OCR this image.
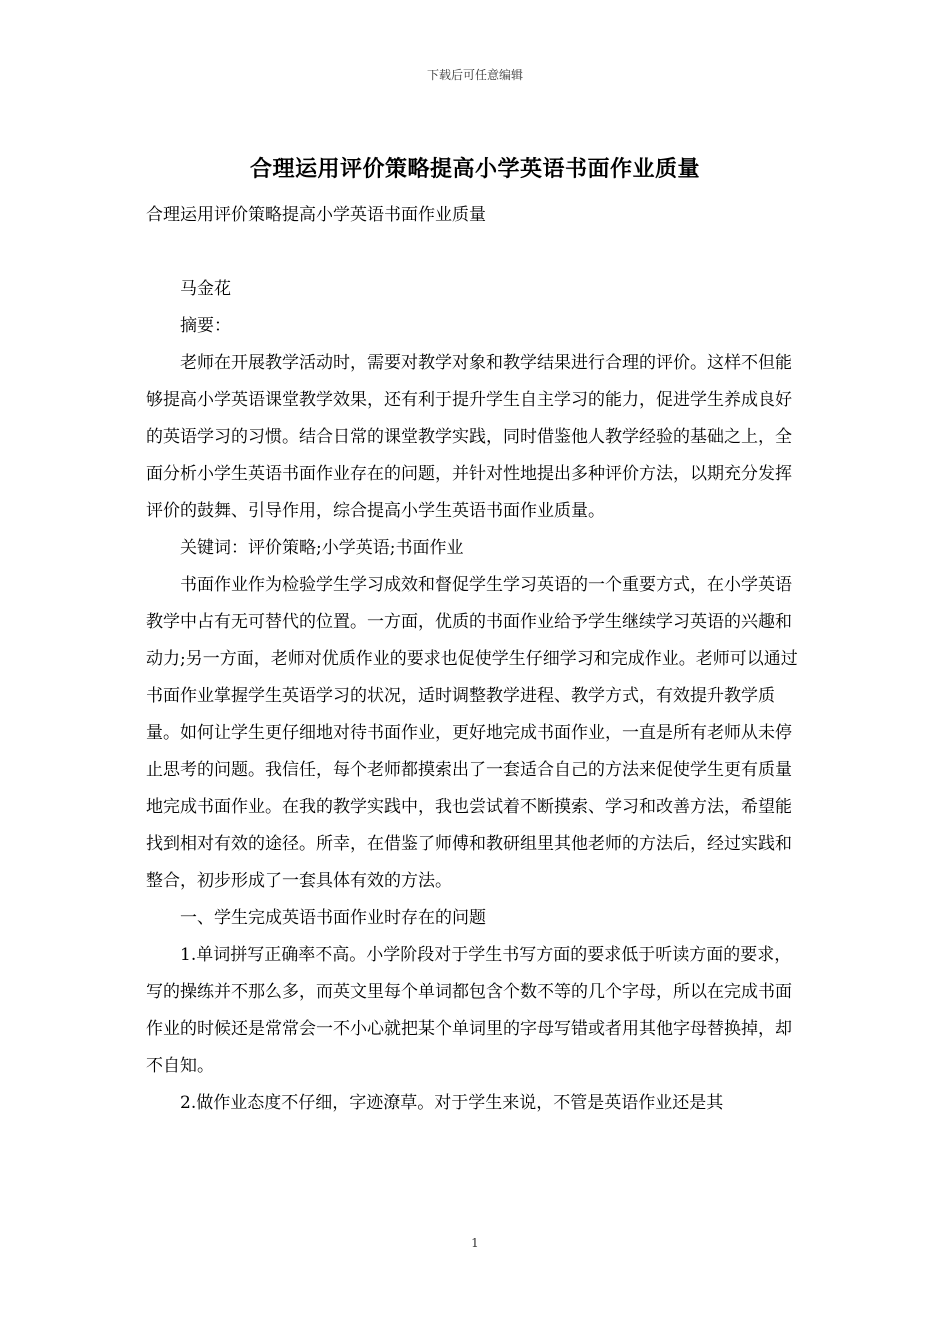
下载后可任意编辑
合理运用评价策略提高小学英语书面作业质量

合理运用评价策略提高小学英语书面作业质量

马金花

摘要：

老师在开展教学活动时，需要对教学对象和教学结果进行合理的评价。这样不但能够提高小学英语课堂教学效果，还有利于提升学生自主学习的能力，促进学生养成良好的英语学习的习惯。结合日常的课堂教学实践，同时借鉴他人教学经验的基础之上，全面分析小学生英语书面作业存在的问题，并针对性地提出多种评价方法，以期充分发挥评价的鼓舞、引导作用，综合提高小学生英语书面作业质量。

关键词：评价策略;小学英语;书面作业

书面作业作为检验学生学习成效和督促学生学习英语的一个重要方式，在小学英语教学中占有无可替代的位置。一方面，优质的书面作业给予学生继续学习英语的兴趣和动力;另一方面，老师对优质作业的要求也促使学生仔细学习和完成作业。老师可以通过书面作业掌握学生英语学习的状况，适时调整教学进程、教学方式，有效提升教学质量。如何让学生更仔细地对待书面作业，更好地完成书面作业，一直是所有老师从未停止思考的问题。我信任，每个老师都摸索出了一套适合自己的方法来促使学生更有质量地完成书面作业。在我的教学实践中，我也尝试着不断摸索、学习和改善方法，希望能找到相对有效的途径。所幸，在借鉴了师傅和教研组里其他老师的方法后，经过实践和整合，初步形成了一套具体有效的方法。

一、学生完成英语书面作业时存在的问题

1.单词拼写正确率不高。小学阶段对于学生书写方面的要求低于听读方面的要求，写的操练并不那么多，而英文里每个单词都包含个数不等的几个字母，所以在完成书面作业的时候还是常常会一不小心就把某个单词里的字母写错或者用其他字母替换掉，却不自知。

2.做作业态度不仔细，字迹潦草。对于学生来说，不管是英语作业还是其

1
